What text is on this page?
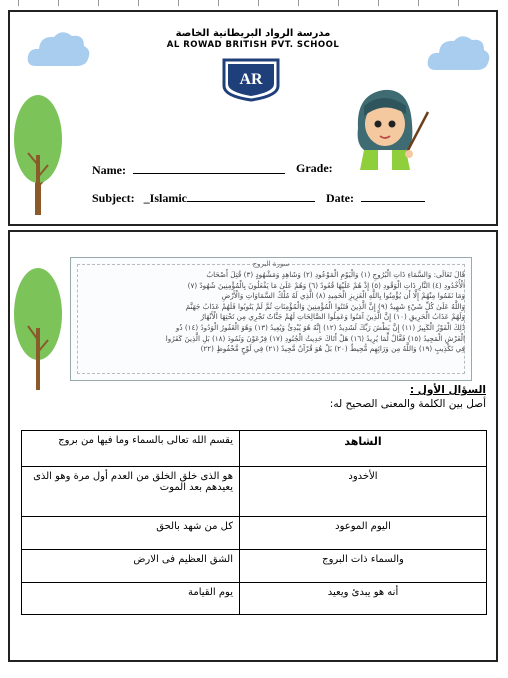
مدرسة الرواد البريطانية الخاصة
AL ROWAD BRITISH PVT. SCHOOL
AR
Name:	Grade:
Subject: _Islamic	Date:
سورة البروج
قَالَ تَعَالَى: وَالسَّمَاءِ ذَاتِ الْبُرُوجِ (١) وَالْيَوْمِ الْمَوْعُودِ (٢) وَشَاهِدٍ وَمَشْهُودٍ (٣) قُتِلَ أَصْحَابُ
الْأُخْدُودِ (٤) النَّارِ ذَاتِ الْوَقُودِ (٥) إِذْ هُمْ عَلَيْهَا قُعُودٌ (٦) وَهُمْ عَلَىٰ مَا يَفْعَلُونَ بِالْمُؤْمِنِينَ شُهُودٌ (٧)
وَمَا نَقَمُوا مِنْهُمْ إِلَّا أَن يُؤْمِنُوا بِاللَّهِ الْعَزِيزِ الْحَمِيدِ (٨) الَّذِي لَهُ مُلْكُ السَّمَاوَاتِ وَالْأَرْضِ
وَاللَّهُ عَلَىٰ كُلِّ شَيْءٍ شَهِيدٌ (٩) إِنَّ الَّذِينَ فَتَنُوا الْمُؤْمِنِينَ وَالْمُؤْمِنَاتِ ثُمَّ لَمْ يَتُوبُوا فَلَهُمْ عَذَابُ جَهَنَّمَ
وَلَهُمْ عَذَابُ الْحَرِيقِ (١٠) إِنَّ الَّذِينَ آمَنُوا وَعَمِلُوا الصَّالِحَاتِ لَهُمْ جَنَّاتٌ تَجْرِي مِن تَحْتِهَا الْأَنْهَارُ
ذَٰلِكَ الْفَوْزُ الْكَبِيرُ (١١) إِنَّ بَطْشَ رَبِّكَ لَشَدِيدٌ (١٢) إِنَّهُ هُوَ يُبْدِئُ وَيُعِيدُ (١٣) وَهُوَ الْغَفُورُ الْوَدُودُ (١٤) ذُو
الْعَرْشِ الْمَجِيدُ (١٥) فَعَّالٌ لِّمَا يُرِيدُ (١٦) هَلْ أَتَاكَ حَدِيثُ الْجُنُودِ (١٧) فِرْعَوْنَ وَثَمُودَ (١٨) بَلِ الَّذِينَ كَفَرُوا
فِي تَكْذِيبٍ (١٩) وَاللَّهُ مِن وَرَائِهِم مُّحِيطٌ (٢٠) بَلْ هُوَ قُرْآنٌ مَّجِيدٌ (٢١) فِي لَوْحٍ مَّحْفُوظٍ (٢٢)
السؤال الأول :
أصل بين الكلمة والمعنى الصحيح له:
الشاهد	يقسم الله تعالى بالسماء وما فيها من بروج
الأخدود	هو الذى خلق الخلق من العدم أول مرة وهو الذى يعيدهم بعد الموت
اليوم الموعود	كل من شهد بالحق
والسماء ذات البروج	الشق العظيم فى الارض
أنه هو يبدئ ويعيد	يوم القيامة
